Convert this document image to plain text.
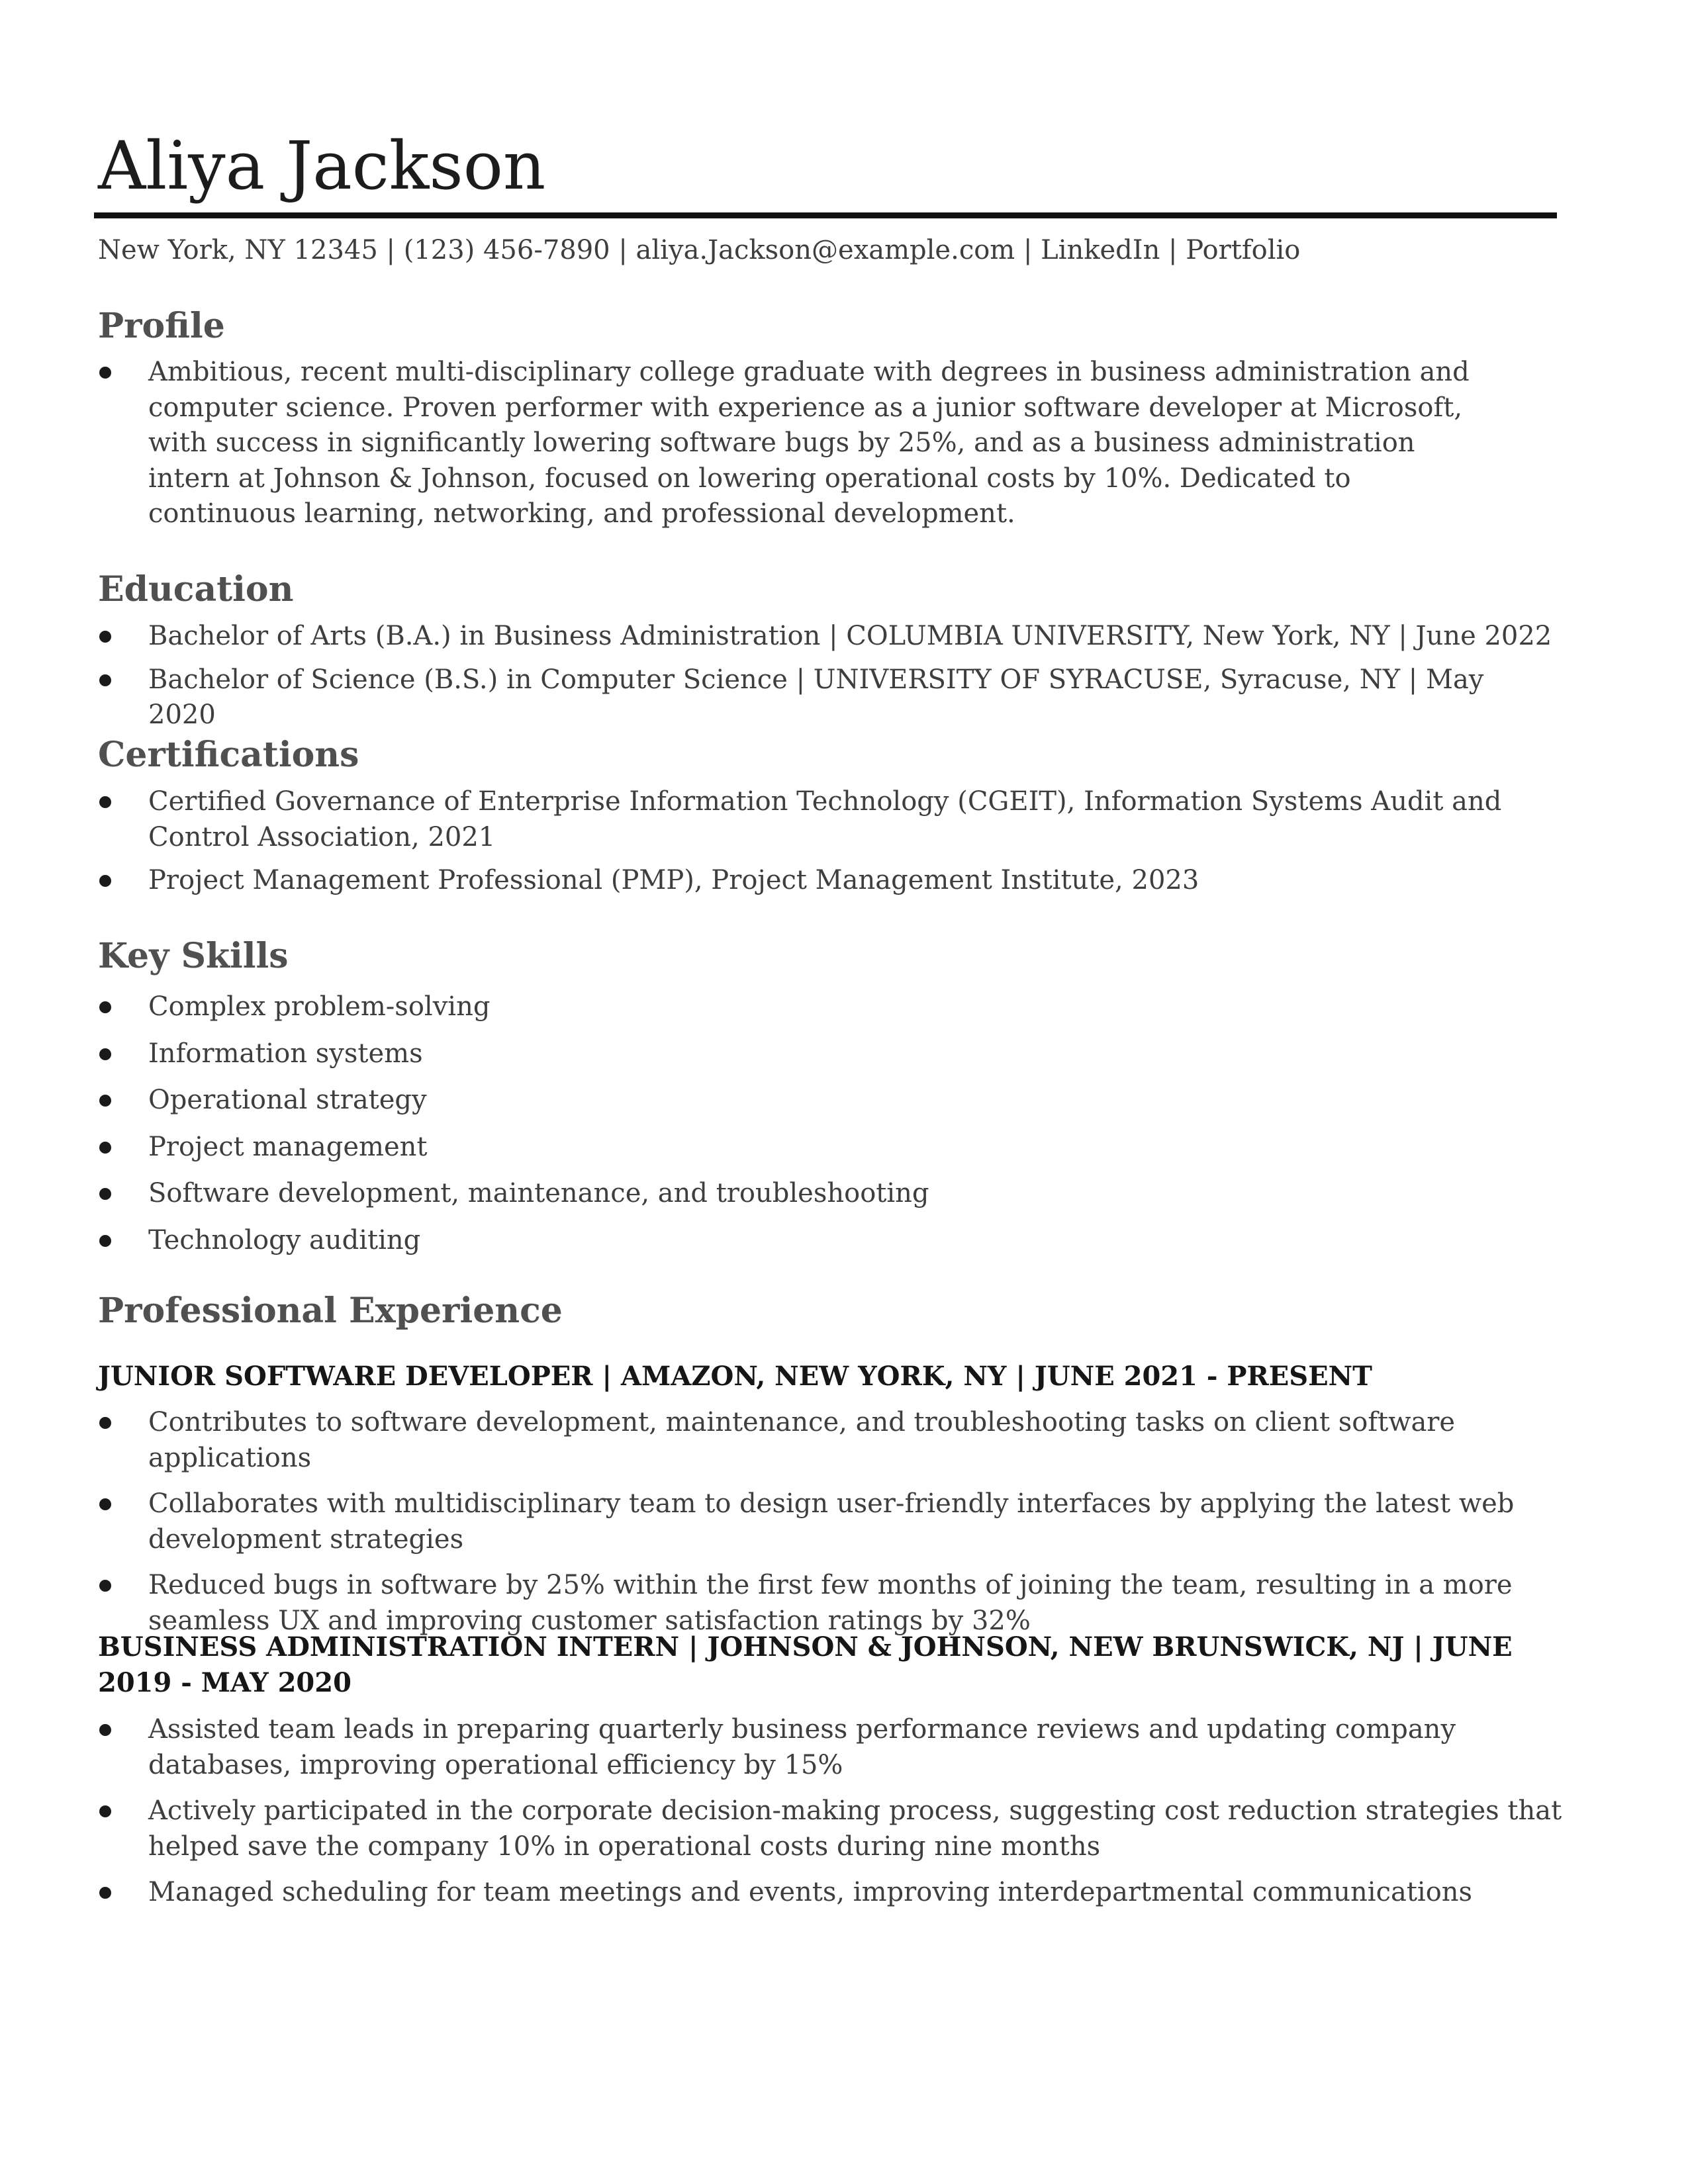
Aliya Jackson
New York, NY 12345 | (123) 456-7890 | aliya.Jackson@example.com | LinkedIn | Portfolio
Profile
Ambitious, recent multi-disciplinary college graduate with degrees in business administration and computer science. Proven performer with experience as a junior software developer at Microsoft, with success in significantly lowering software bugs by 25%, and as a business administration intern at Johnson & Johnson, focused on lowering operational costs by 10%. Dedicated to continuous learning, networking, and professional development.
Education
Bachelor of Arts (B.A.) in Business Administration | COLUMBIA UNIVERSITY, New York, NY | June 2022
Bachelor of Science (B.S.) in Computer Science | UNIVERSITY OF SYRACUSE, Syracuse, NY | May 2020
Certifications
Certified Governance of Enterprise Information Technology (CGEIT), Information Systems Audit and Control Association, 2021
Project Management Professional (PMP), Project Management Institute, 2023
Key Skills
Complex problem-solving
Information systems
Operational strategy
Project management
Software development, maintenance, and troubleshooting
Technology auditing
Professional Experience
JUNIOR SOFTWARE DEVELOPER | AMAZON, NEW YORK, NY | JUNE 2021 - PRESENT
Contributes to software development, maintenance, and troubleshooting tasks on client software applications
Collaborates with multidisciplinary team to design user-friendly interfaces by applying the latest web development strategies
Reduced bugs in software by 25% within the first few months of joining the team, resulting in a more seamless UX and improving customer satisfaction ratings by 32%
BUSINESS ADMINISTRATION INTERN | JOHNSON & JOHNSON, NEW BRUNSWICK, NJ | JUNE 2019 - MAY 2020
Assisted team leads in preparing quarterly business performance reviews and updating company databases, improving operational efficiency by 15%
Actively participated in the corporate decision-making process, suggesting cost reduction strategies that helped save the company 10% in operational costs during nine months
Managed scheduling for team meetings and events, improving interdepartmental communications
